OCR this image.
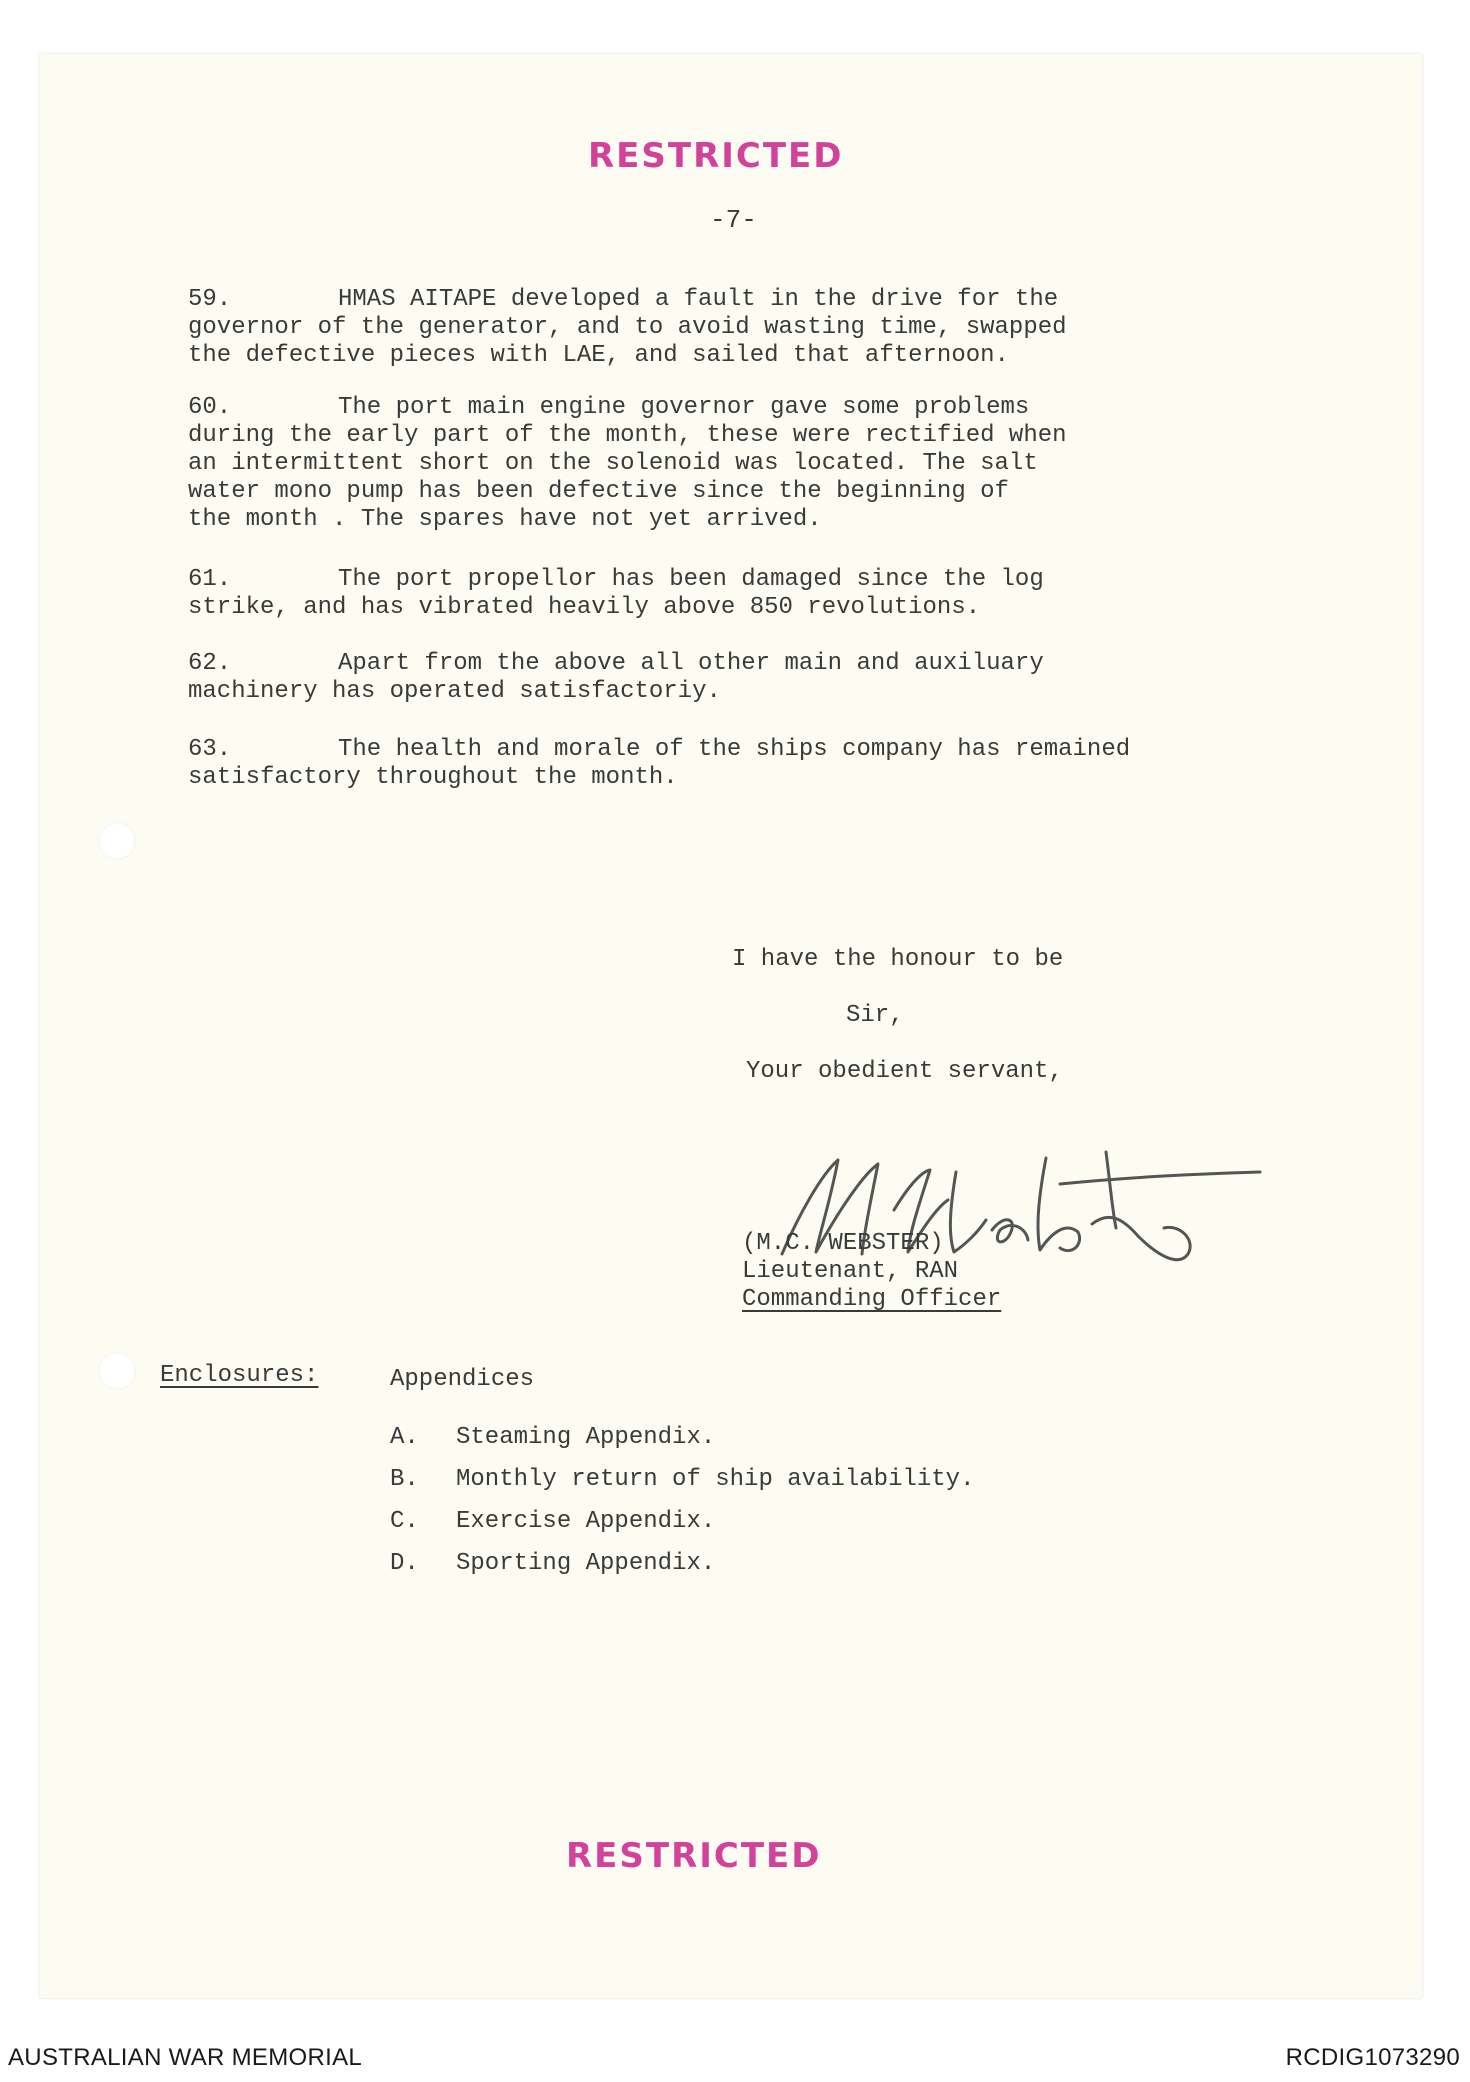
RESTRICTED
-7-
59.	HMAS AITAPE developed a fault in the drive for the
governor of the generator, and to avoid wasting time, swapped
the defective pieces with LAE, and sailed that afternoon.
60.	The port main engine governor gave some problems
during the early part of the month, these were rectified when
an intermittent short on the solenoid was located. The salt
water mono pump has been defective since the beginning of
the month . The spares have not yet arrived.
61.	The port propellor has been damaged since the log
strike, and has vibrated heavily above 850 revolutions.
62.	Apart from the above all other main and auxiluary
machinery has operated satisfactoriy.
63.	The health and morale of the ships company has remained
satisfactory throughout the month.
I have the honour to be
Sir,
Your obedient servant,
(M.C. WEBSTER)
Lieutenant, RAN
Commanding Officer
Enclosures:	Appendices
A. Steaming Appendix.
B. Monthly return of ship availability.
C. Exercise Appendix.
D. Sporting Appendix.
RESTRICTED
AUSTRALIAN WAR MEMORIAL	RCDIG1073290
